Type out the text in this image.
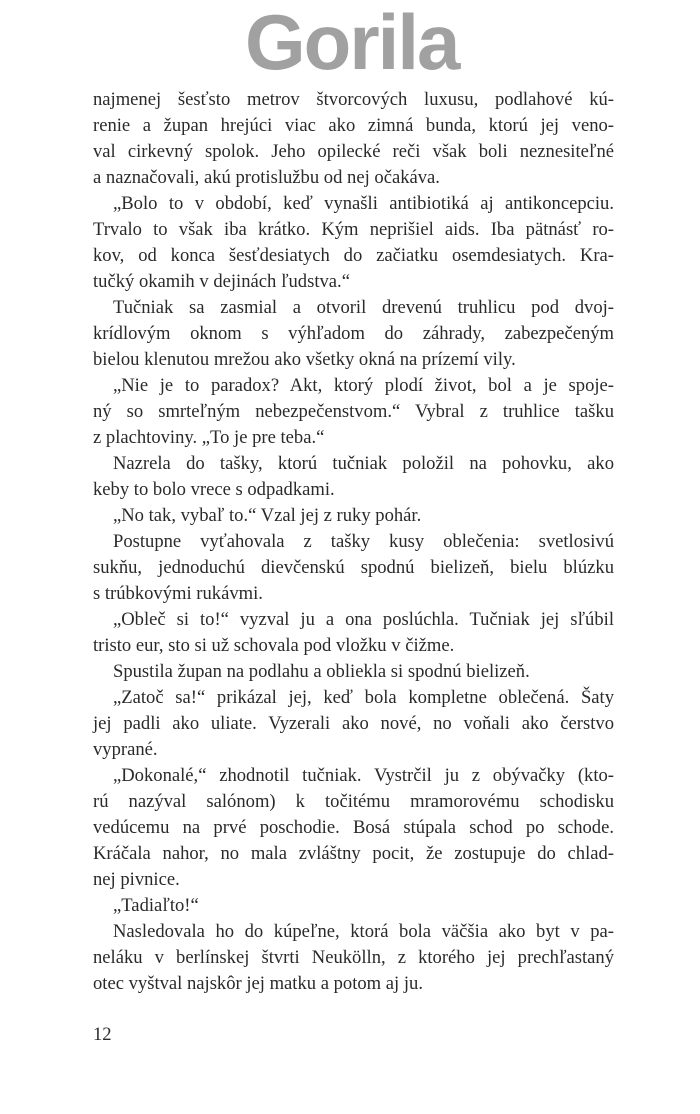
Gorila
najmenej šesťsto metrov štvorcových luxusu, podlahové kú-
renie a župan hrejúci viac ako zimná bunda, ktorú jej veno-
val cirkevný spolok. Jeho opilecké reči však boli neznesiteľné
a naznačovali, akú protislužbu od nej očakáva.
„Bolo to v období, keď vynašli antibiotiká aj antikoncepciu.
Trvalo to však iba krátko. Kým neprišiel aids. Iba pätnásť ro-
kov, od konca šesťdesiatych do začiatku osemdesiatych. Kra-
tučký okamih v dejinách ľudstva.“
Tučniak sa zasmial a otvoril drevenú truhlicu pod dvoj-
krídlovým oknom s výhľadom do záhrady, zabezpečeným
bielou klenutou mrežou ako všetky okná na prízemí vily.
„Nie je to paradox? Akt, ktorý plodí život, bol a je spoje-
ný so smrteľným nebezpečenstvom.“ Vybral z truhlice tašku
z plachtoviny. „To je pre teba.“
Nazrela do tašky, ktorú tučniak položil na pohovku, ako
keby to bolo vrece s odpadkami.
„No tak, vybaľ to.“ Vzal jej z ruky pohár.
Postupne vyťahovala z tašky kusy oblečenia: svetlosivú
sukňu, jednoduchú dievčenskú spodnú bielizeň, bielu blúzku
s trúbkovými rukávmi.
„Obleč si to!“ vyzval ju a ona poslúchla. Tučniak jej sľúbil
tristo eur, sto si už schovala pod vložku v čižme.
Spustila župan na podlahu a obliekla si spodnú bielizeň.
„Zatoč sa!“ prikázal jej, keď bola kompletne oblečená. Šaty
jej padli ako uliate. Vyzerali ako nové, no voňali ako čerstvo
vyprané.
„Dokonalé,“ zhodnotil tučniak. Vystrčil ju z obývačky (kto-
rú nazýval salónom) k točitému mramorovému schodisku
vedúcemu na prvé poschodie. Bosá stúpala schod po schode.
Kráčala nahor, no mala zvláštny pocit, že zostupuje do chlad-
nej pivnice.
„Tadiaľto!“
Nasledovala ho do kúpeľne, ktorá bola väčšia ako byt v pa-
neláku v berlínskej štvrti Neukölln, z ktorého jej prechľastaný
otec vyštval najskôr jej matku a potom aj ju.
12
